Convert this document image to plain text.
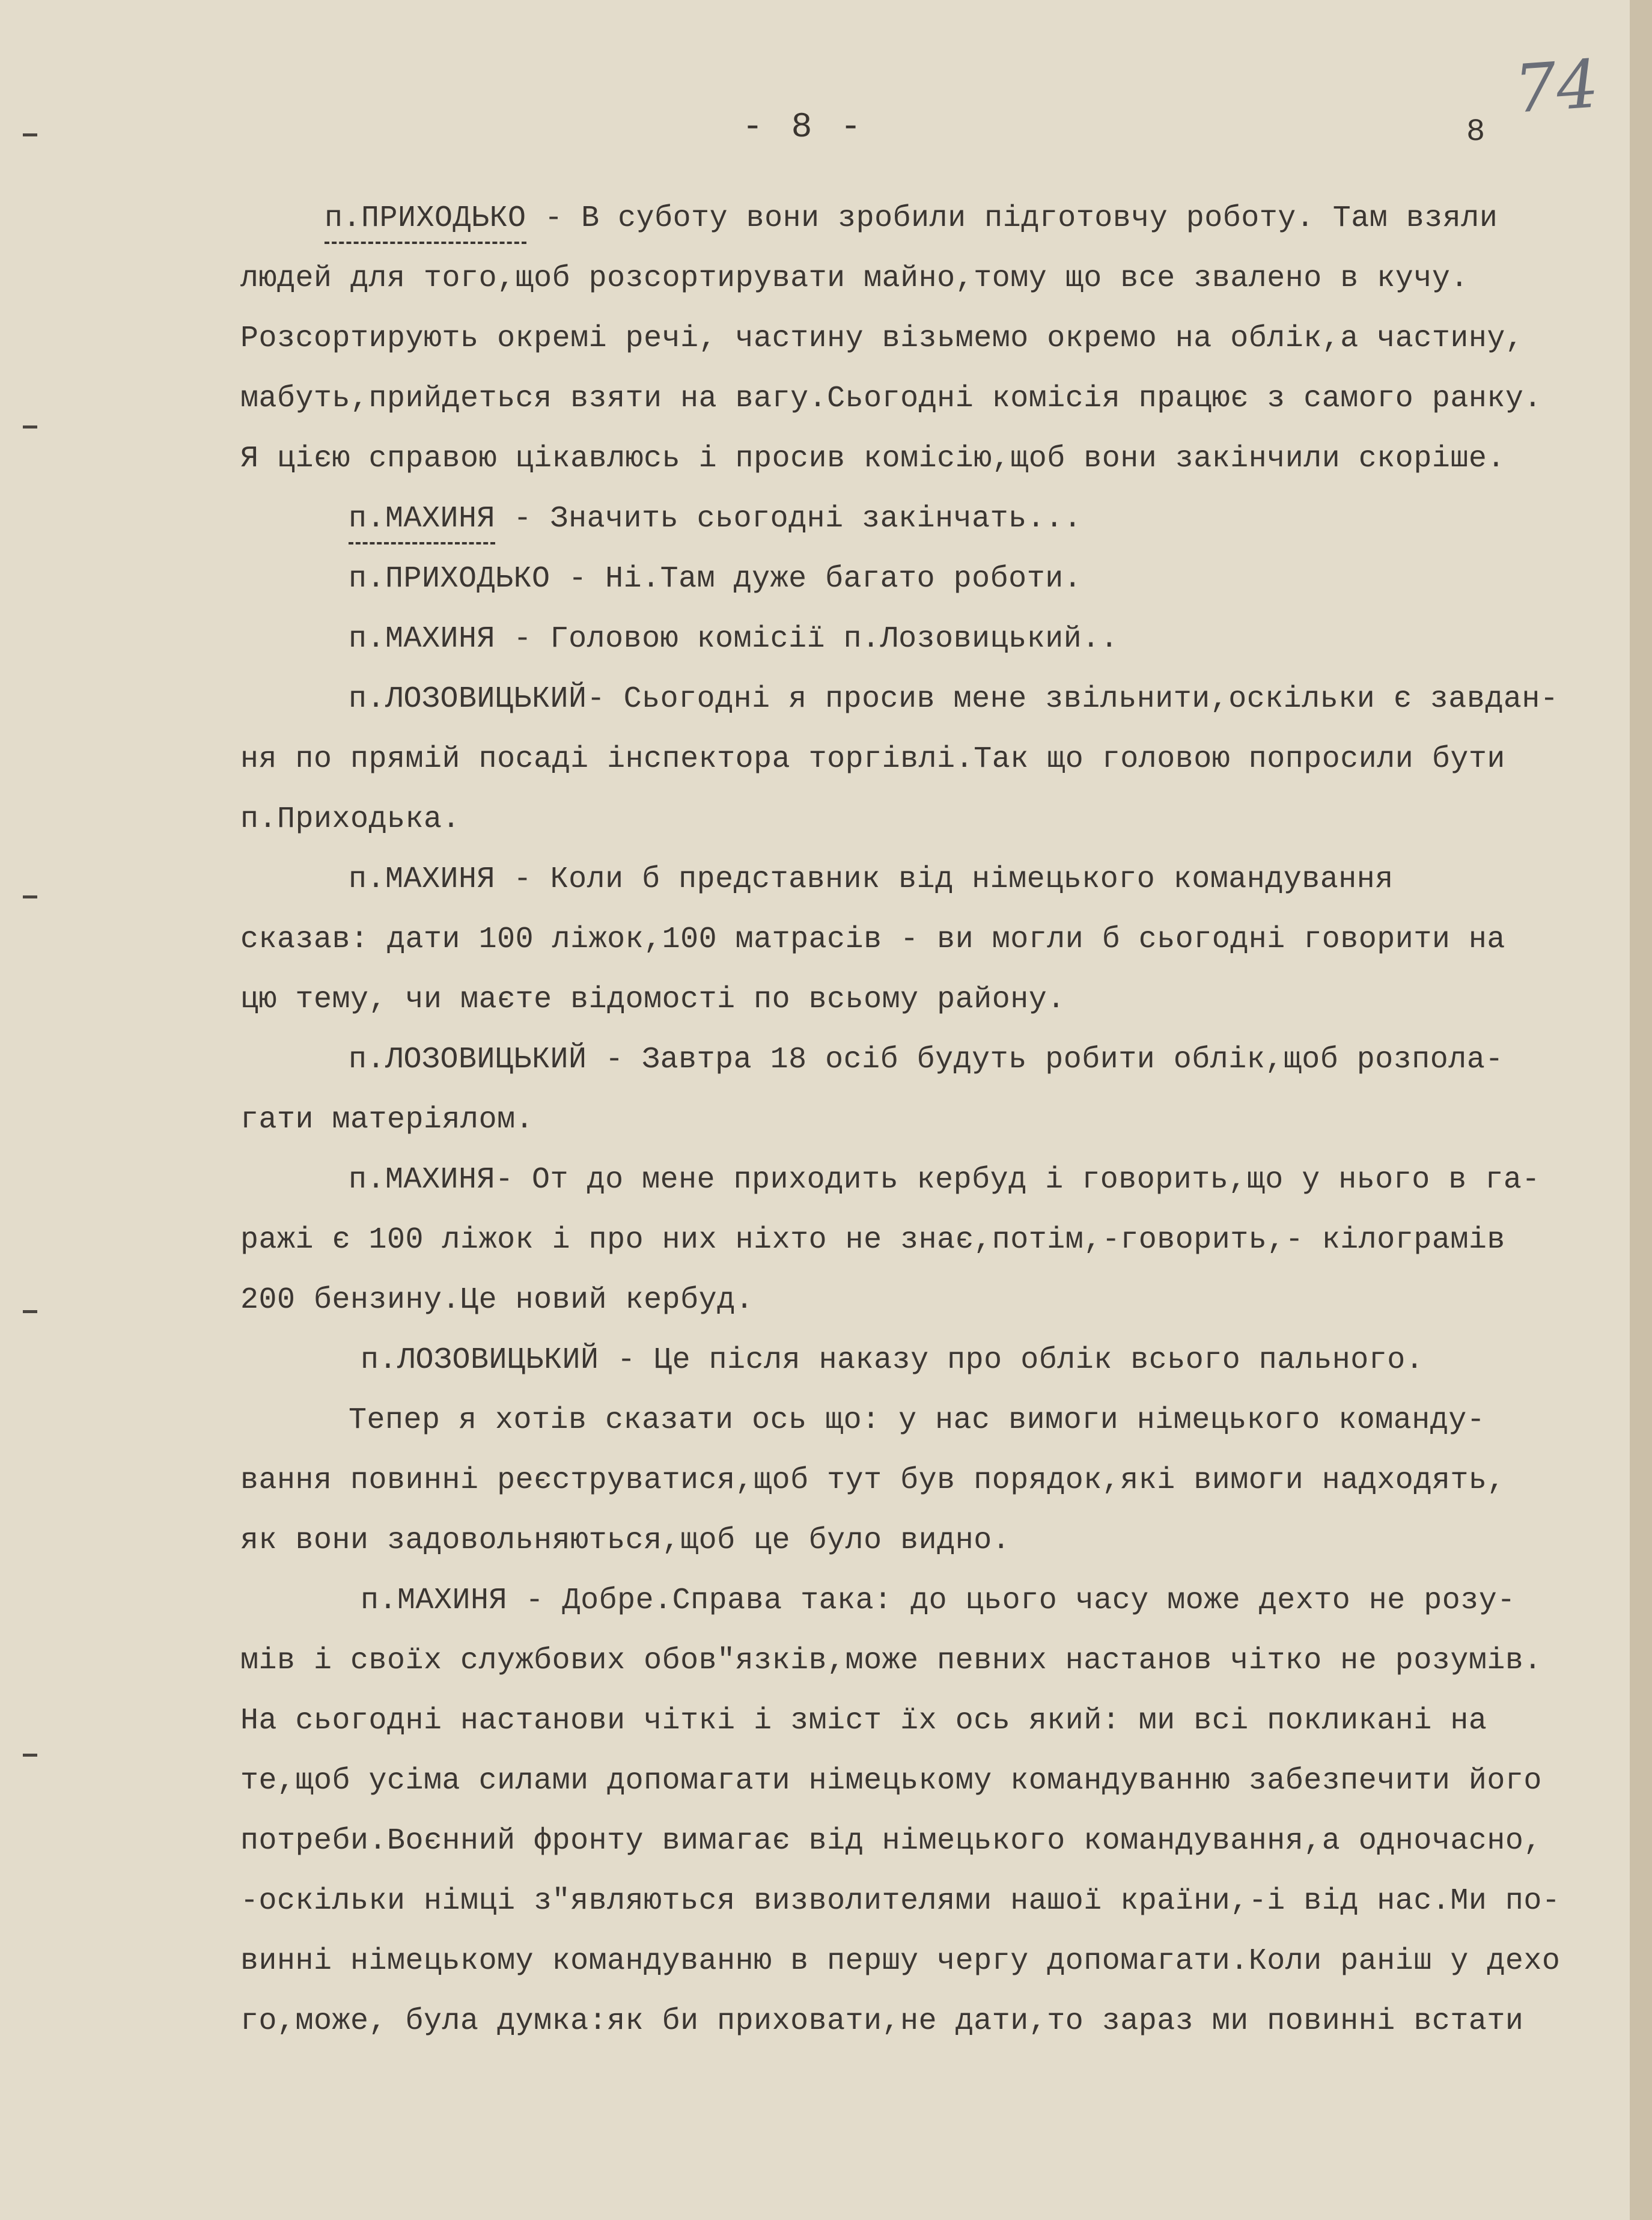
- 8 -	8
74
п.ПРИХОДЬКО - В суботу вони зробили підготовчу роботу. Там взяли
людей для того,щоб розсортирувати майно,тому що все звалено в кучу.
Розсортирують окремі речі, частину візьмемо окремо на облік,а частину,
мабуть,прийдеться взяти на вагу.Сьогодні комісія працює з самого ранку.
Я цією справою цікавлюсь і просив комісію,щоб вони закінчили скоріше.
п.МАХИНЯ - Значить сьогодні закінчать...
п.ПРИХОДЬКО - Ні.Там дуже багато роботи.
п.МАХИНЯ - Головою комісії п.Лозовицький..
п.ЛОЗОВИЦЬКИЙ- Сьогодні я просив мене звільнити,оскільки є завдан-
ня по прямій посаді інспектора торгівлі.Так що головою попросили бути
п.Приходька.
п.МАХИНЯ - Коли б представник від німецького командування
сказав: дати 100 ліжок,100 матрасів - ви могли б сьогодні говорити на
цю тему, чи маєте відомості по всьому району.
п.ЛОЗОВИЦЬКИЙ - Завтра 18 осіб будуть робити облік,щоб розпола-
гати матеріялом.
п.МАХИНЯ- От до мене приходить кербуд і говорить,що у нього в га-
ражі є 100 ліжок і про них ніхто не знає,потім,-говорить,- кілограмів
200 бензину.Це новий кербуд.
п.ЛОЗОВИЦЬКИЙ - Це після наказу про облік всього пального.
Тепер я хотів сказати ось що: у нас вимоги німецького команду-
вання повинні реєструватися,щоб тут був порядок,які вимоги надходять,
як вони задовольняються,щоб це було видно.
п.МАХИНЯ - Добре.Справа така: до цього часу може дехто не розу-
мів і своїх службових обов"язків,може певних настанов чітко не розумів.
На сьогодні настанови чіткі і зміст їх ось який: ми всі покликані на
те,щоб усіма силами допомагати німецькому командуванню забезпечити його
потреби.Воєнний фронту вимагає від німецького командування,а одночасно,
-оскільки німці з"являються визволителями нашої країни,-і від нас.Ми по-
винні німецькому командуванню в першу чергу допомагати.Коли раніш у дехо
го,може, була думка:як би приховати,не дати,то зараз ми повинні встати
